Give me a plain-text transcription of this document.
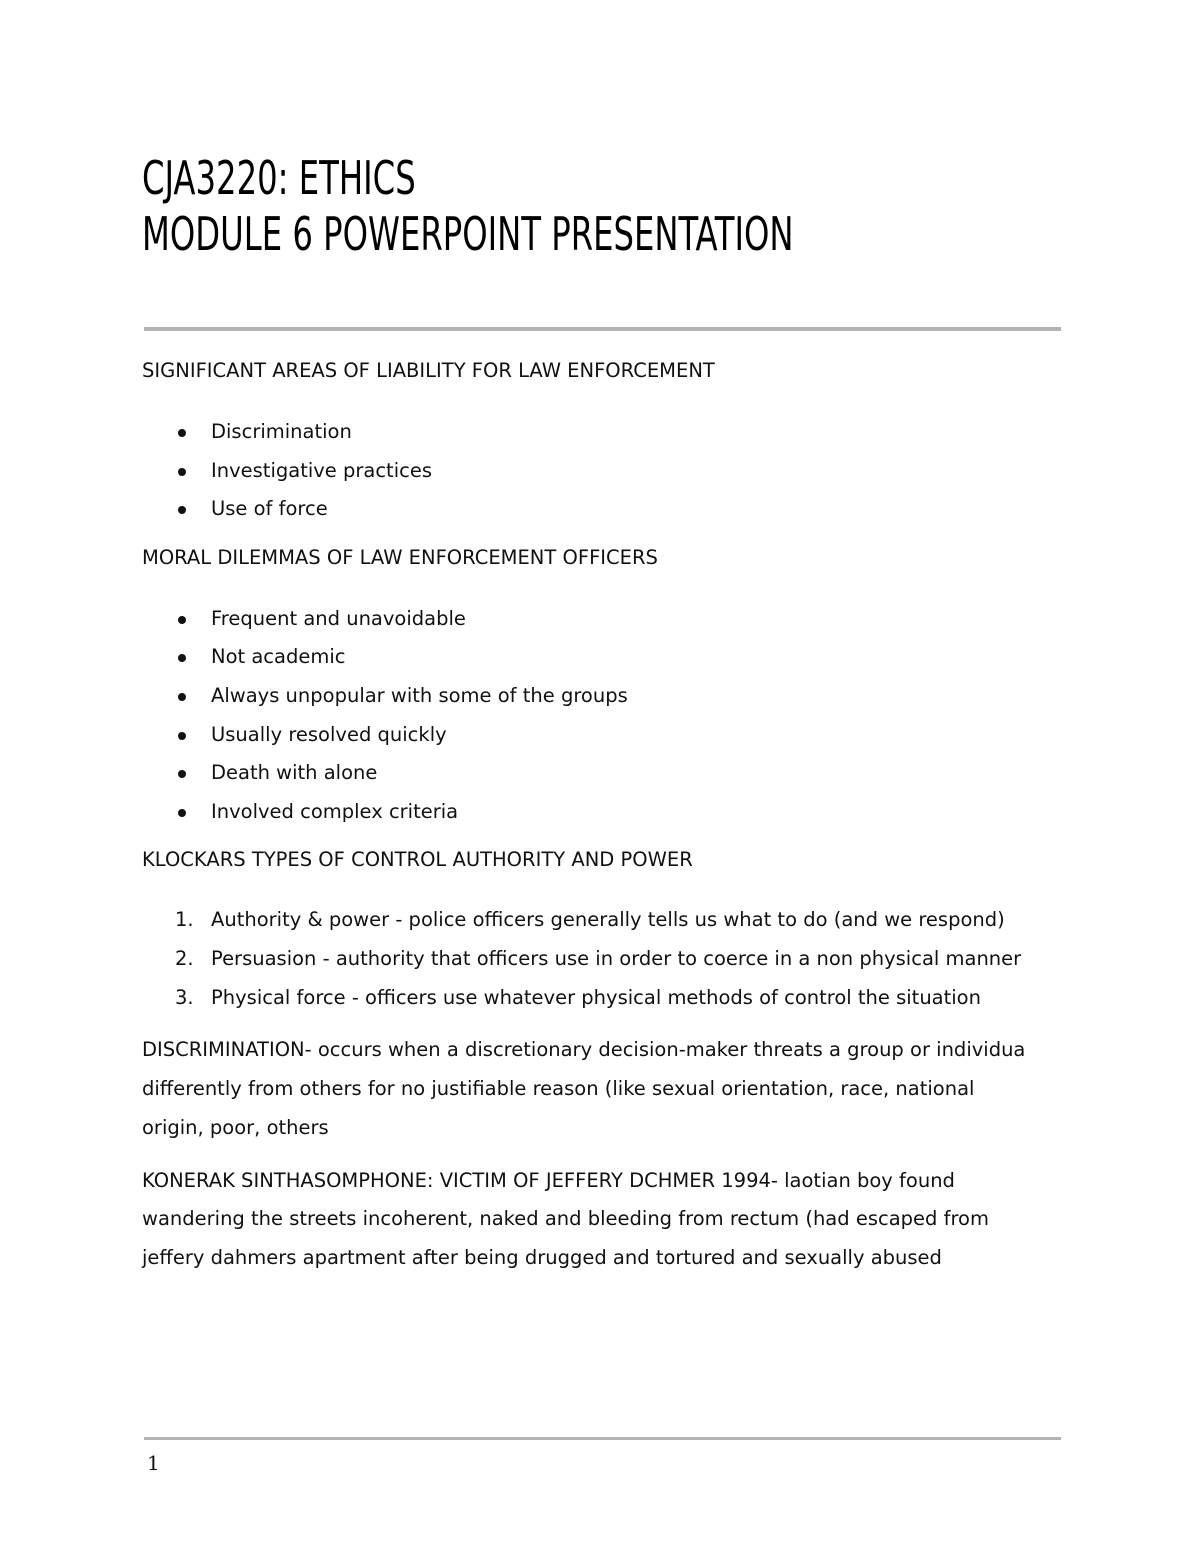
CJA3220: ETHICS
MODULE 6 POWERPOINT PRESENTATION
SIGNIFICANT AREAS OF LIABILITY FOR LAW ENFORCEMENT
Discrimination
Investigative practices
Use of force
MORAL DILEMMAS OF LAW ENFORCEMENT OFFICERS
Frequent and unavoidable
Not academic
Always unpopular with some of the groups
Usually resolved quickly
Death with alone
Involved complex criteria
KLOCKARS TYPES OF CONTROL AUTHORITY AND POWER
1. Authority & power - police officers generally tells us what to do (and we respond)
2. Persuasion - authority that officers use in order to coerce in a non physical manner
3. Physical force - officers use whatever physical methods of control the situation

DISCRIMINATION- occurs when a discretionary decision-maker threats a group or individua
differently from others for no justifiable reason (like sexual orientation, race, national
origin, poor, others

KONERAK SINTHASOMPHONE: VICTIM OF JEFFERY DCHMER 1994- laotian boy found
wandering the streets incoherent, naked and bleeding from rectum (had escaped from
jeffery dahmers apartment after being drugged and tortured and sexually abused

1
